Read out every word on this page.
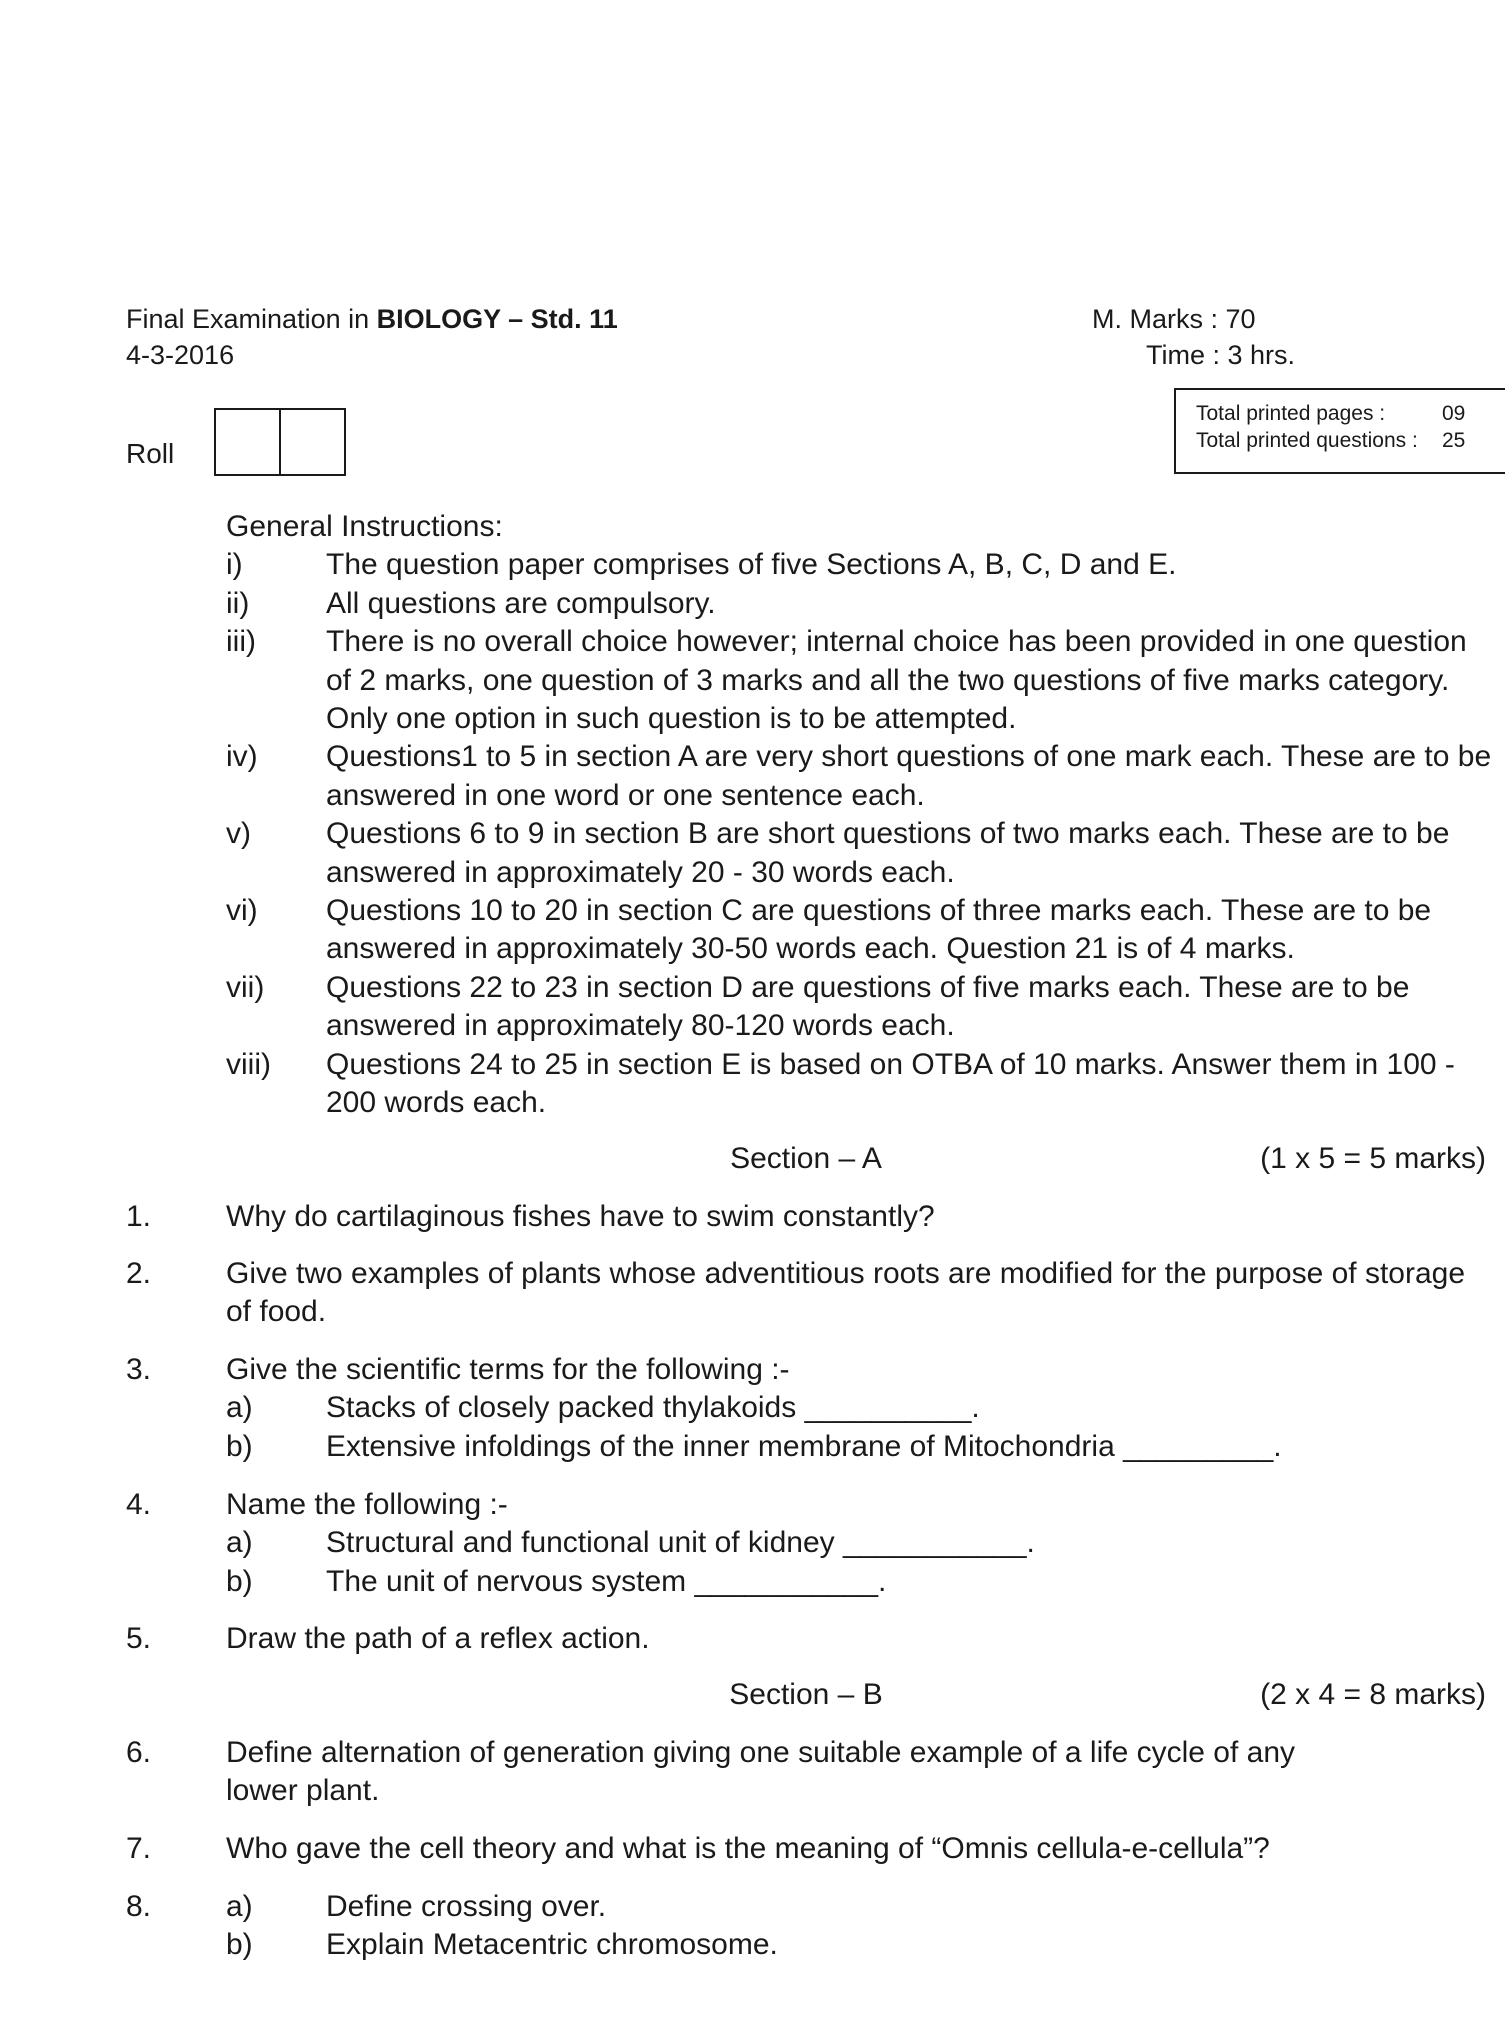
Final Examination in BIOLOGY – Std. 11
4-3-2016
M. Marks : 70
Time : 3 hrs.
Roll
Total printed pages :	09
Total printed questions :	25
General Instructions:
i)	The question paper comprises of five Sections A, B, C, D and E.
ii)	All questions are compulsory.
iii)	There is no overall choice however; internal choice has been provided in one question of 2 marks, one question of 3 marks and all the two questions of five marks category. Only one option in such question is to be attempted.
iv)	Questions1 to 5 in section A are very short questions of one mark each. These are to be answered in one word or one sentence each.
v)	Questions 6 to 9 in section B are short questions of two marks each. These are to be answered in approximately 20 - 30 words each.
vi)	Questions 10 to 20 in section C are questions of three marks each. These are to be answered in approximately 30-50 words each. Question 21 is of 4 marks.
vii)	Questions 22 to 23 in section D are questions of five marks each. These are to be answered in approximately 80-120 words each.
viii)	Questions 24 to 25 in section E is based on OTBA of 10 marks. Answer them in 100 - 200 words each.
Section – A	(1 x 5 = 5 marks)
1.	Why do cartilaginous fishes have to swim constantly?
2.	Give two examples of plants whose adventitious roots are modified for the purpose of storage of food.
3.	Give the scientific terms for the following :-
a)	Stacks of closely packed thylakoids __________.
b)	Extensive infoldings of the inner membrane of Mitochondria _________.
4.	Name the following :-
a)	Structural and functional unit of kidney ___________.
b)	The unit of nervous system ___________.
5.	Draw the path of a reflex action.
Section – B	(2 x 4 = 8 marks)
6.	Define alternation of generation giving one suitable example of a life cycle of any lower plant.
7.	Who gave the cell theory and what is the meaning of “Omnis cellula-e-cellula”?
8.	a)	Define crossing over.
b)	Explain Metacentric chromosome.
